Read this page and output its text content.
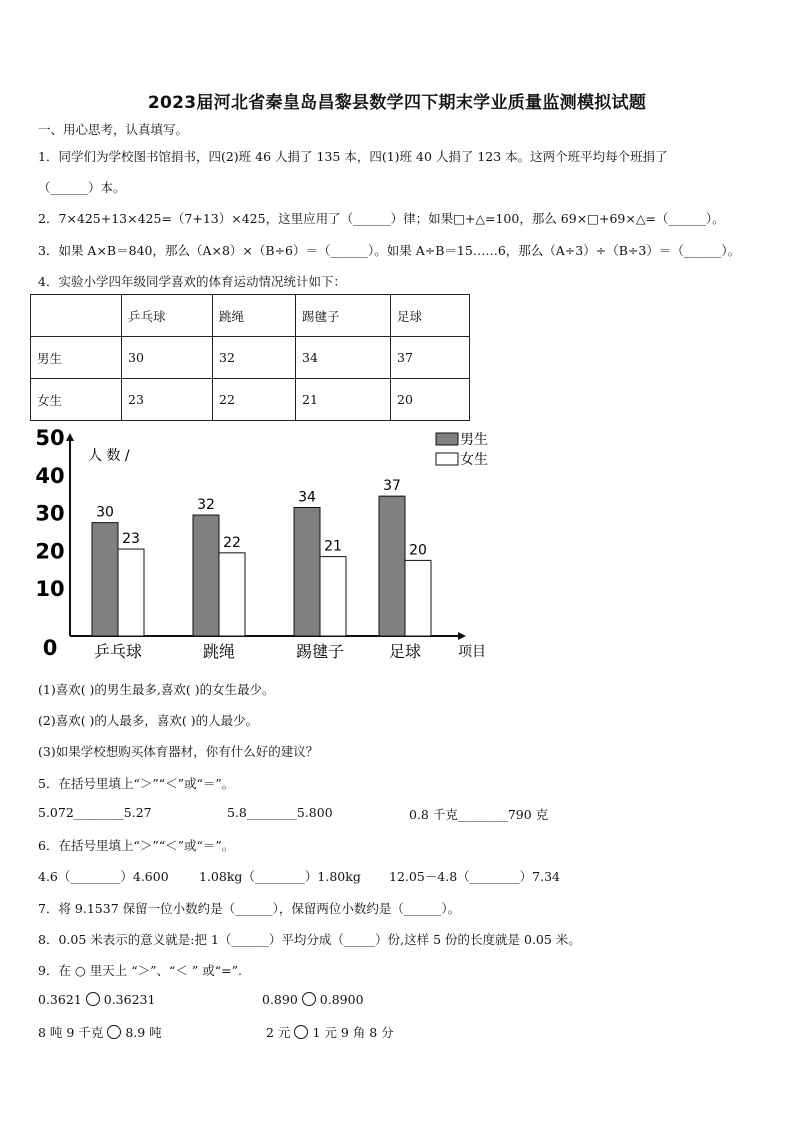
2023届河北省秦皇岛昌黎县数学四下期末学业质量监测模拟试题
一、用心思考，认真填写。
1．同学们为学校图书馆捐书，四(2)班 46 人捐了 135 本，四(1)班 40 人捐了 123 本。这两个班平均每个班捐了
（______）本。
2．7×425+13×425=（7+13）×425，这里应用了（______）律；如果□+△=100，那么 69×□+69×△=（______）。
3．如果 A×B＝840，那么（A×8）×（B÷6）＝（______）。如果 A÷B＝15……6，那么（A÷3）÷（B÷3）＝（______）。
4．实验小学四年级同学喜欢的体育运动情况统计如下：
	乒乓球	跳绳	踢毽子	足球
男生	30	32	34	37
女生	23	22	21	20
0
10
20
30
40
50
人 数 /
30
23
乒乓球
32
22
跳绳
34
21
踢毽子
37
20
足球	项目
男生
女生
(1)喜欢( )的男生最多,喜欢( )的女生最少。
(2)喜欢( )的人最多，喜欢( )的人最少。
(3)如果学校想购买体育器材，你有什么好的建议？
5．在括号里填上“＞”“＜”或“＝”。
5.072________5.27	5.8________5.800	0.8 千克________790 克
6．在括号里填上“＞”“＜”或“＝”。
4.6（________）4.600 1.08kg（________）1.80kg 12.05－4.8（________）7.34
7．将 9.1537 保留一位小数约是（______），保留两位小数约是（______）。
8．0.05 米表示的意义就是:把 1（______）平均分成（_____）份,这样 5 份的长度就是 0.05 米。
9．在 ○ 里天上 “＞”、“＜ ” 或“=”.
0.3621 0.36231	0.890 0.8900
8 吨 9 千克 8.9 吨	2 元 1 元 9 角 8 分
